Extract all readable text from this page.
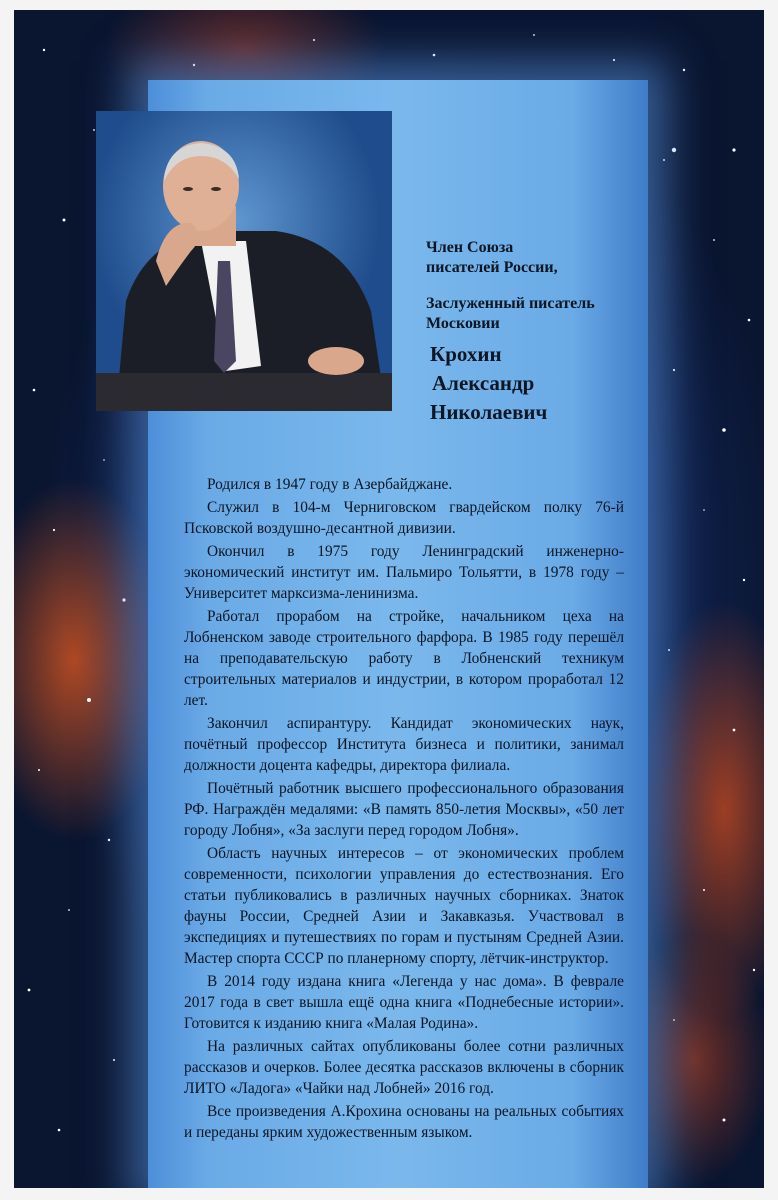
Член Союза
писателей России,
Заслуженный писатель
Московии
Крохин
Александр
Николаевич

Родился в 1947 году в Азербайджане.

Служил в 104-м Черниговском гвардейском полку 76-й Псковской воздушно-десантной дивизии.

Окончил в 1975 году Ленинградский инженерно-экономический институт им. Пальмиро Тольятти, в 1978 году – Университет марксизма-ленинизма.

Работал прорабом на стройке, начальником цеха на Лобненском заводе строительного фарфора. В 1985 году перешёл на преподавательскую работу в Лобненский техникум строительных материалов и индустрии, в котором проработал 12 лет.

Закончил аспирантуру. Кандидат экономических наук, почётный профессор Института бизнеса и политики, занимал должности доцента кафедры, директора филиала.

Почётный работник высшего профессионального образования РФ. Награждён медалями: «В память 850-летия Москвы», «50 лет городу Лобня», «За заслуги перед городом Лобня».

Область научных интересов – от экономических проблем современности, психологии управления до естествознания. Его статьи публиковались в различных научных сборниках. Знаток фауны России, Средней Азии и Закавказья. Участвовал в экспедициях и путешествиях по горам и пустыням Средней Азии. Мастер спорта СССР по планерному спорту, лётчик-инструктор.

В 2014 году издана книга «Легенда у нас дома». В феврале 2017 года в свет вышла ещё одна книга «Поднебесные истории». Готовится к изданию книга «Малая Родина».

На различных сайтах опубликованы более сотни различных рассказов и очерков. Более десятка рассказов включены в сборник ЛИТО «Ладога» «Чайки над Лобней» 2016 год.

Все произведения А.Крохина основаны на реальных событиях и переданы ярким художественным языком.
